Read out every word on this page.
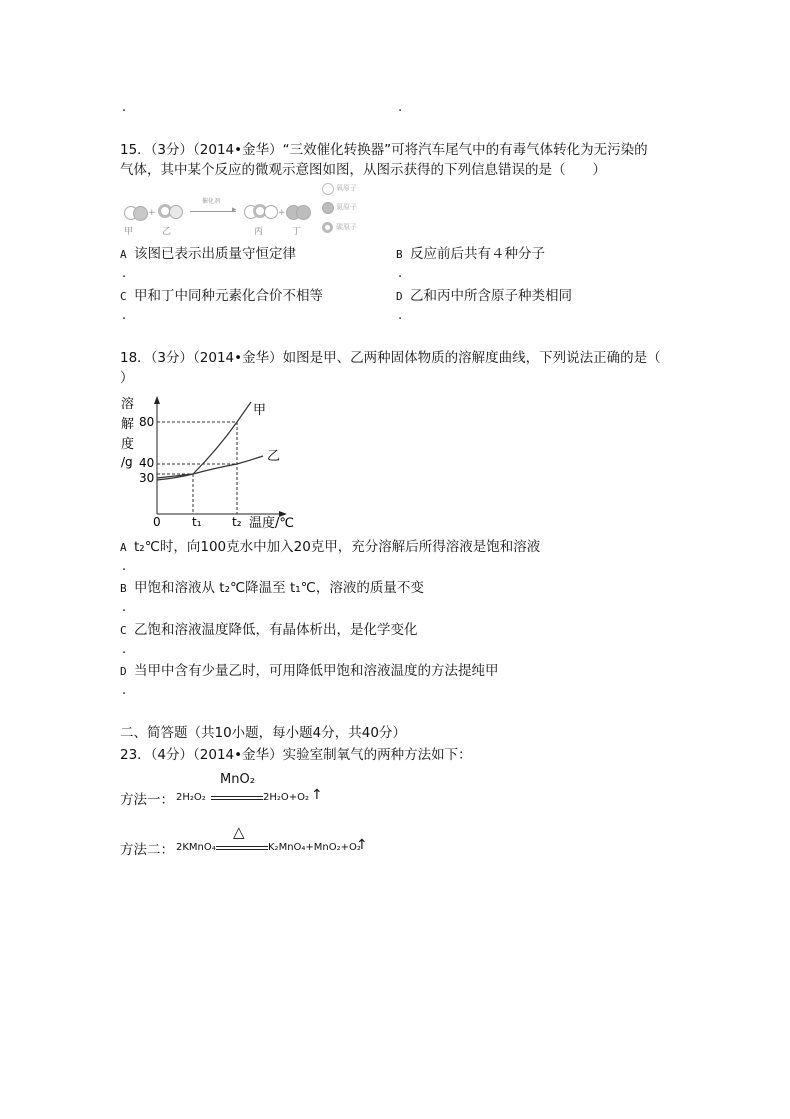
.	.
15．（3分）（2014•金华）“三效催化转换器”可将汽车尾气中的有毒气体转化为无污染的
气体，其中某个反应的微观示意图如图，从图示获得的下列信息错误的是（　　）
+
催化剂
▸	+
甲	乙	丙	丁
氧原子
氮原子
碳原子
A 该图已表示出质量守恒定律
.
B 反应前后共有４种分子
.
C 甲和丁中同种元素化合价不相等
.
D 乙和丙中所含原子种类相同
.
18．（3分）（2014•金华）如图是甲、乙两种固体物质的溶解度曲线，下列说法正确的是（
）
溶
解
度
/g
80
40
30
0	t₁	t₂ 温度/℃
甲
乙
A t₂℃时，向100克水中加入20克甲，充分溶解后所得溶液是饱和溶液
.
B 甲饱和溶液从 t₂℃降温至 t₁℃，溶液的质量不变
.
C 乙饱和溶液温度降低，有晶体析出，是化学变化
.
D 当甲中含有少量乙时，可用降低甲饱和溶液温度的方法提纯甲
.
二、简答题（共10小题，每小题4分，共40分）
23．（4分）（2014•金华）实验室制氧气的两种方法如下：
方法一： 2H₂O₂
MnO₂
2H₂O+O₂ ↑
方法二： 2KMnO₄
△
K₂MnO₄+MnO₂+O₂
↑
